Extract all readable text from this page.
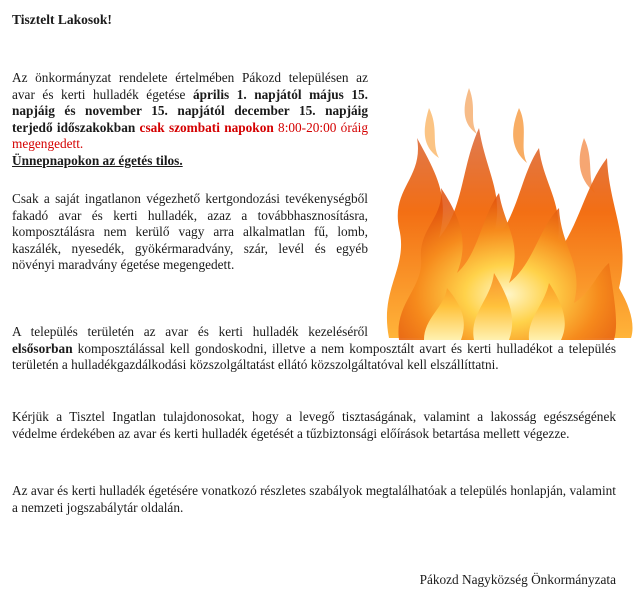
Tisztelt Lakosok!

Az önkormányzat rendelete értelmében Pákozd településen az avar és kerti hulladék égetése április 1. napjától május 15. napjáig és november 15. napjától december 15. napjáig terjedő időszakokban csak szombati napokon 8:00-20:00 óráig megengedett.
Ünnepnapokon az égetés tilos.

Csak a saját ingatlanon végezhető kertgondozási tevékenységből fakadó avar és kerti hulladék, azaz a továbbhasznosításra, komposztálásra nem kerülő vagy arra alkalmatlan fű, lomb, kaszálék, nyesedék, gyökérmaradvány, szár, levél és egyéb növényi maradvány égetése megengedett.

A település területén az avar és kerti hulladék kezeléséről
elsősorban komposztálással kell gondoskodni, illetve a nem komposztált avart és kerti hulladékot a település területén a hulladékgazdálkodási közszolgáltatást ellátó közszolgáltatóval kell elszállíttatni.

Kérjük a Tisztel Ingatlan tulajdonosokat, hogy a levegő tisztaságának, valamint a lakosság egészségének védelme érdekében az avar és kerti hulladék égetését a tűzbiztonsági előírások betartása mellett végezze.

Az avar és kerti hulladék égetésére vonatkozó részletes szabályok megtalálhatóak a település honlapján, valamint a nemzeti jogszabálytár oldalán.

Pákozd Nagyközség Önkormányzata
